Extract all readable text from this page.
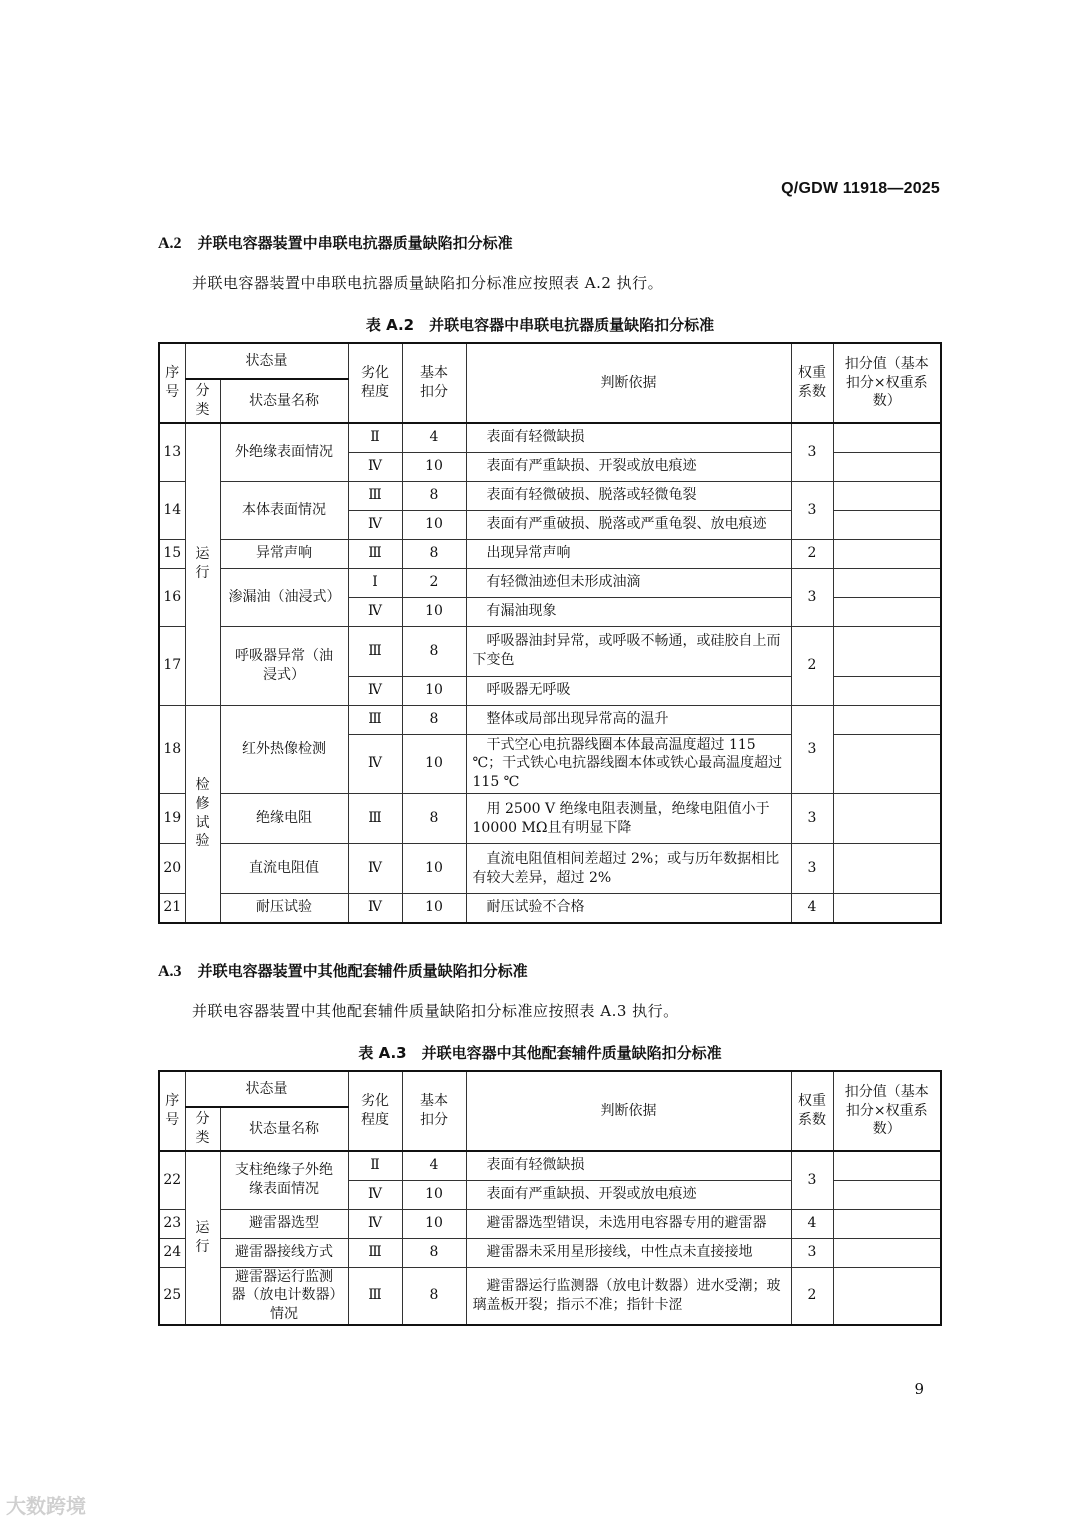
Q/GDW 11918—2025
A.2 并联电容器装置中串联电抗器质量缺陷扣分标准
并联电容器装置中串联电抗器质量缺陷扣分标准应按照表 A.2 执行。
表 A.2　并联电容器中串联电抗器质量缺陷扣分标准
序号	状态量		劣化程度	基本扣分	判断依据	权重系数	扣分值（基本扣分×权重系数）
	分类	状态量名称					
13	运行	外绝缘表面情况	Ⅱ	4	表面有轻微缺损	3	
			Ⅳ	10	表面有严重缺损、开裂或放电痕迹		
14		本体表面情况	Ⅲ	8	表面有轻微破损、脱落或轻微龟裂	3	
			Ⅳ	10	表面有严重破损、脱落或严重龟裂、放电痕迹		
15		异常声响	Ⅲ	8	出现异常声响	2	
16		渗漏油（油浸式）	Ⅰ	2	有轻微油迹但未形成油滴	3	
			Ⅳ	10	有漏油现象		
17		呼吸器异常（油浸式）	Ⅲ	8	呼吸器油封异常，或呼吸不畅通，或硅胶自上而下变色	2	
			Ⅳ	10	呼吸器无呼吸		
18	检修试验	红外热像检测	Ⅲ	8	整体或局部出现异常高的温升	3	
			Ⅳ	10	干式空心电抗器线圈本体最高温度超过 115 ℃；干式铁心电抗器线圈本体或铁心最高温度超过 115 ℃		
19		绝缘电阻	Ⅲ	8	用 2500 V 绝缘电阻表测量，绝缘电阻值小于 10000 MΩ且有明显下降	3	
20		直流电阻值	Ⅳ	10	直流电阻值相间差超过 2%；或与历年数据相比有较大差异，超过 2%	3	
21		耐压试验	Ⅳ	10	耐压试验不合格	4	
A.3 并联电容器装置中其他配套辅件质量缺陷扣分标准
并联电容器装置中其他配套辅件质量缺陷扣分标准应按照表 A.3 执行。
表 A.3　并联电容器中其他配套辅件质量缺陷扣分标准
序号	状态量		劣化程度	基本扣分	判断依据	权重系数	扣分值（基本扣分×权重系数）
	分类	状态量名称					
22	运行	支柱绝缘子外绝缘表面情况	Ⅱ	4	表面有轻微缺损	3	
			Ⅳ	10	表面有严重缺损、开裂或放电痕迹		
23		避雷器选型	Ⅳ	10	避雷器选型错误，未选用电容器专用的避雷器	4	
24		避雷器接线方式	Ⅲ	8	避雷器未采用星形接线，中性点未直接接地	3	
25		避雷器运行监测器（放电计数器）情况	Ⅲ	8	避雷器运行监测器（放电计数器）进水受潮；玻璃盖板开裂；指示不准；指针卡涩	2	
9
大数跨境
